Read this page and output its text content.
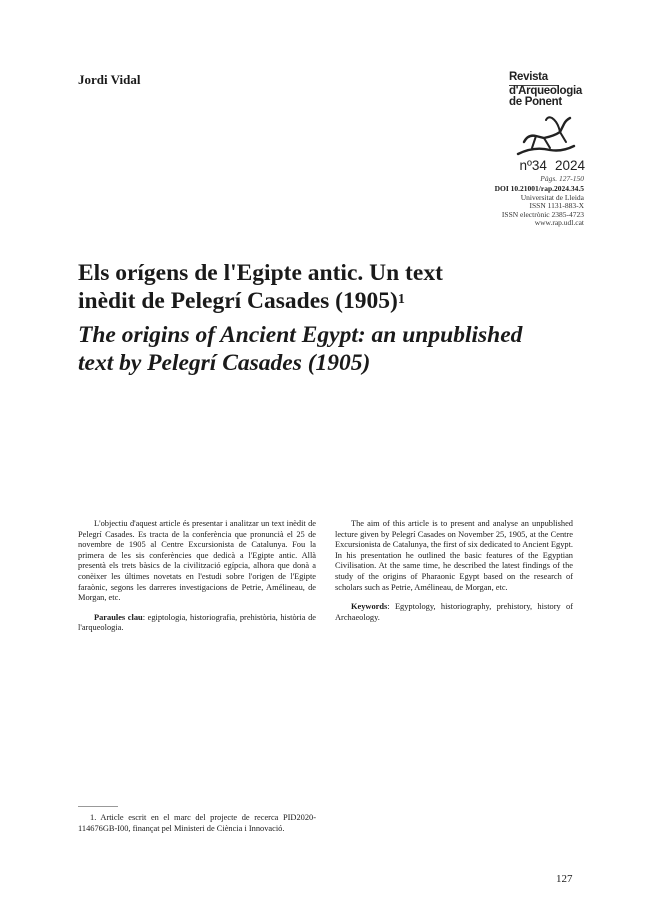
Jordi Vidal	Revista
d'Arqueologia
de Ponent
nº34 2024
Pàgs. 127-150
DOI 10.21001/rap.2024.34.5
Universitat de Lleida
ISSN 1131-883-X
ISSN electrònic 2385-4723
www.rap.udl.cat
Els orígens de l'Egipte antic. Un text
inèdit de Pelegrí Casades $(1905)^1$
The origins of Ancient Egypt: an unpublished
text by Pelegrí Casades (1905)

L'objectiu d'aquest article és presentar i analitzar un text inèdit de Pelegrí Casades. Es tracta de la conferència que pronuncià el 25 de novembre de 1905 al Centre Excursionista de Catalunya. Fou la primera de les sis conferències que dedicà a l'Egipte antic. Allà presentà els trets bàsics de la civilització egípcia, alhora que donà a conèixer les últimes novetats en l'estudi sobre l'origen de l'Egipte faraònic, segons les darreres investigacions de Petrie, Amélineau, de Morgan, etc.

Paraules clau: egiptologia, historiografia, prehistòria, història de l'arqueologia.

The aim of this article is to present and analyse an unpublished lecture given by Pelegrí Casades on November 25, 1905, at the Centre Excursionista de Catalunya, the first of six dedicated to Ancient Egypt. In his presentation he outlined the basic features of the Egyptian Civilisation. At the same time, he described the latest findings of the study of the origins of Pharaonic Egypt based on the research of scholars such as Petrie, Amélineau, de Morgan, etc.

Keywords: Egyptology, historiography, prehistory, history of Archaeology.

1. Article escrit en el marc del projecte de recerca PID2020-114676GB-I00, finançat pel Ministeri de Ciència i Innovació.

127
